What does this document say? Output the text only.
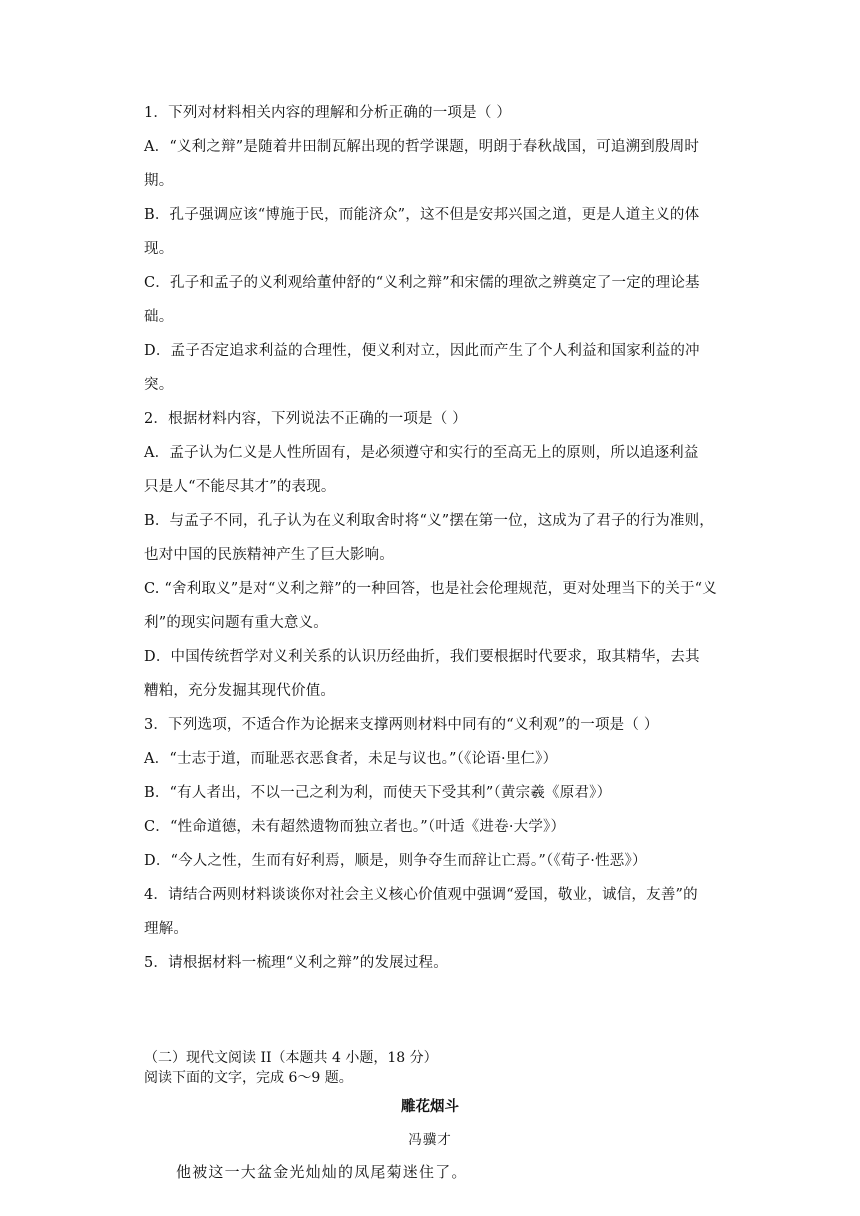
1．下列对材料相关内容的理解和分析正确的一项是（ ）
A．“义利之辩”是随着井田制瓦解出现的哲学课题，明朗于春秋战国，可追溯到殷周时
期。
B．孔子强调应该“博施于民，而能济众”，这不但是安邦兴国之道，更是人道主义的体
现。
C．孔子和孟子的义利观给董仲舒的“义利之辩”和宋儒的理欲之辨奠定了一定的理论基
础。
D．孟子否定追求利益的合理性，便义利对立，因此而产生了个人利益和国家利益的冲
突。
2．根据材料内容，下列说法不正确的一项是（ ）
A．孟子认为仁义是人性所固有，是必须遵守和实行的至高无上的原则，所以追逐利益
只是人“不能尽其才”的表现。
B．与孟子不同，孔子认为在义利取舍时将“义”摆在第一位，这成为了君子的行为准则，
也对中国的民族精神产生了巨大影响。
C. “舍利取义”是对“义利之辩”的一种回答，也是社会伦理规范，更对处理当下的关于“义
利”的现实问题有重大意义。
D．中国传统哲学对义利关系的认识历经曲折，我们要根据时代要求，取其精华，去其
糟粕，充分发掘其现代价值。
3．下列选项，不适合作为论据来支撑两则材料中同有的“义利观”的一项是（ ）
A．“士志于道，而耻恶衣恶食者，未足与议也。”（《论语·里仁》）
B．“有人者出，不以一己之利为利，而使天下受其利”（黄宗羲《原君》）
C．“性命道德，未有超然遗物而独立者也。”（叶适《进卷·大学》）
D．“今人之性，生而有好利焉，顺是，则争夺生而辞让亡焉。”（《荀子·性恶》）
4．请结合两则材料谈谈你对社会主义核心价值观中强调“爱国，敬业，诚信，友善”的
理解。
5．请根据材料一梳理“义利之辩”的发展过程。
（二）现代文阅读 II（本题共 4 小题，18 分）
阅读下面的文字，完成 6～9 题。
雕花烟斗
冯骥才
他被这一大盆金光灿灿的凤尾菊迷住了。
